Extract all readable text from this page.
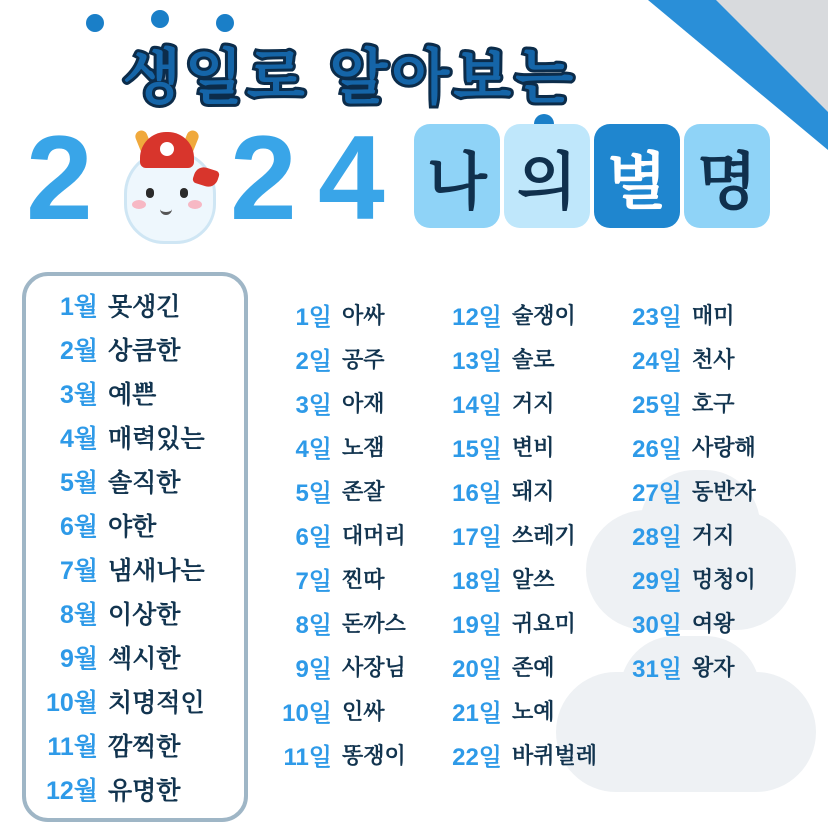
생일로 알아보는
2 2 4 나 의 별 명
1월 못생긴
2월 상큼한
3월 예쁜
4월 매력있는
5월 솔직한
6월 야한
7월 냄새나는
8월 이상한
9월 섹시한
10월 치명적인
11월 깜찍한
12월 유명한
1일 아싸
2일 공주
3일 아재
4일 노잼
5일 존잘
6일 대머리
7일 찐따
8일 돈까스
9일 사장님
10일 인싸
11일 똥쟁이
12일 술쟁이
13일 솔로
14일 거지
15일 변비
16일 돼지
17일 쓰레기
18일 알쓰
19일 귀요미
20일 존예
21일 노예
22일 바퀴벌레
23일 매미
24일 천사
25일 호구
26일 사랑해
27일 동반자
28일 거지
29일 멍청이
30일 여왕
31일 왕자
